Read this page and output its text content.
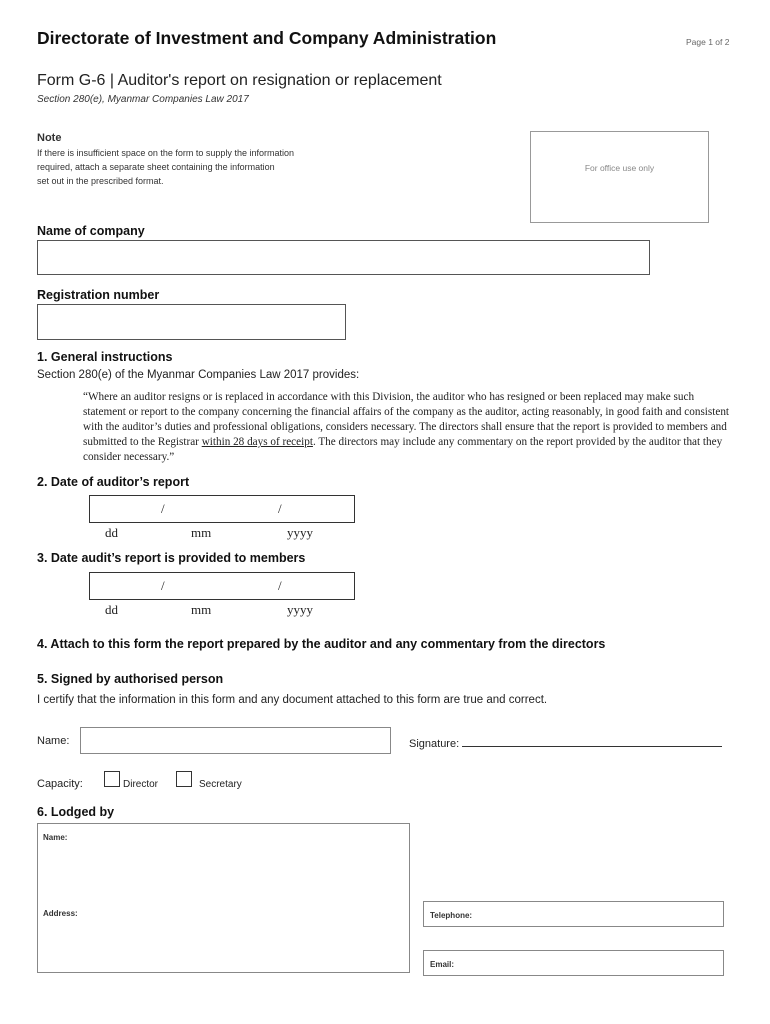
Directorate of Investment and Company Administration	Page 1 of 2
Form G-6 | Auditor's report on resignation or replacement
Section 280(e), Myanmar Companies Law 2017
Note
If there is insufficient space on the form to supply the information
required, attach a separate sheet containing the information
set out in the prescribed format.
For office use only
Name of company
Registration number
1. General instructions
Section 280(e) of the Myanmar Companies Law 2017 provides:
“Where an auditor resigns or is replaced in accordance with this Division, the auditor who has resigned or been replaced may make such statement or report to the company concerning the financial affairs of the company as the auditor, acting reasonably, in good faith and consistent with the auditor’s duties and professional obligations, considers necessary. The directors shall ensure that the report is provided to members and submitted to the Registrar within 28 days of receipt. The directors may include any commentary on the report provided by the auditor that they consider necessary.”
2. Date of auditor’s report
/	/
dd	mm	yyyy
3. Date audit’s report is provided to members
/	/
dd	mm	yyyy
4. Attach to this form the report prepared by the auditor and any commentary from the directors
5. Signed by authorised person
I certify that the information in this form and any document attached to this form are true and correct.
Name:	Signature:
Capacity:	Director	Secretary
6. Lodged by
Name:
Address:	Telephone:
Email:
